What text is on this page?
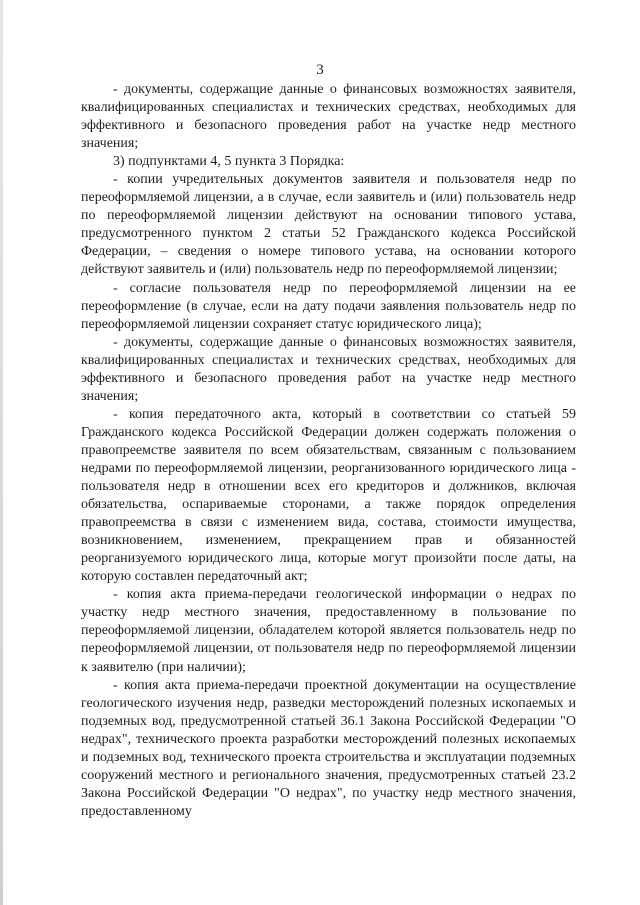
3

- документы, содержащие данные о финансовых возможностях заявителя, квалифицированных специалистах и технических средствах, необходимых для эффективного и безопасного проведения работ на участке недр местного значения;

3) подпунктами 4, 5 пункта 3 Порядка:

- копии учредительных документов заявителя и пользователя недр по переоформляемой лицензии, а в случае, если заявитель и (или) пользователь недр по переоформляемой лицензии действуют на основании типового устава, предусмотренного пунктом 2 статьи 52 Гражданского кодекса Российской Федерации, – сведения о номере типового устава, на основании которого действуют заявитель и (или) пользователь недр по переоформляемой лицензии;

- согласие пользователя недр по переоформляемой лицензии на ее переоформление (в случае, если на дату подачи заявления пользователь недр по переоформляемой лицензии сохраняет статус юридического лица);

- документы, содержащие данные о финансовых возможностях заявителя, квалифицированных специалистах и технических средствах, необходимых для эффективного и безопасного проведения работ на участке недр местного значения;

- копия передаточного акта, который в соответствии со статьей 59 Гражданского кодекса Российской Федерации должен содержать положения о правопреемстве заявителя по всем обязательствам, связанным с пользованием недрами по переоформляемой лицензии, реорганизованного юридического лица - пользователя недр в отношении всех его кредиторов и должников, включая обязательства, оспариваемые сторонами, а также порядок определения правопреемства в связи с изменением вида, состава, стоимости имущества, возникновением, изменением, прекращением прав и обязанностей реорганизуемого юридического лица, которые могут произойти после даты, на которую составлен передаточный акт;

- копия акта приема-передачи геологической информации о недрах по участку недр местного значения, предоставленному в пользование по переоформляемой лицензии, обладателем которой является пользователь недр по переоформляемой лицензии, от пользователя недр по переоформляемой лицензии к заявителю (при наличии);

- копия акта приема-передачи проектной документации на осуществление геологического изучения недр, разведки месторождений полезных ископаемых и подземных вод, предусмотренной статьей 36.1 Закона Российской Федерации "О недрах", технического проекта разработки месторождений полезных ископаемых и подземных вод, технического проекта строительства и эксплуатации подземных сооружений местного и регионального значения, предусмотренных статьей 23.2 Закона Российской Федерации "О недрах", по участку недр местного значения, предоставленному
